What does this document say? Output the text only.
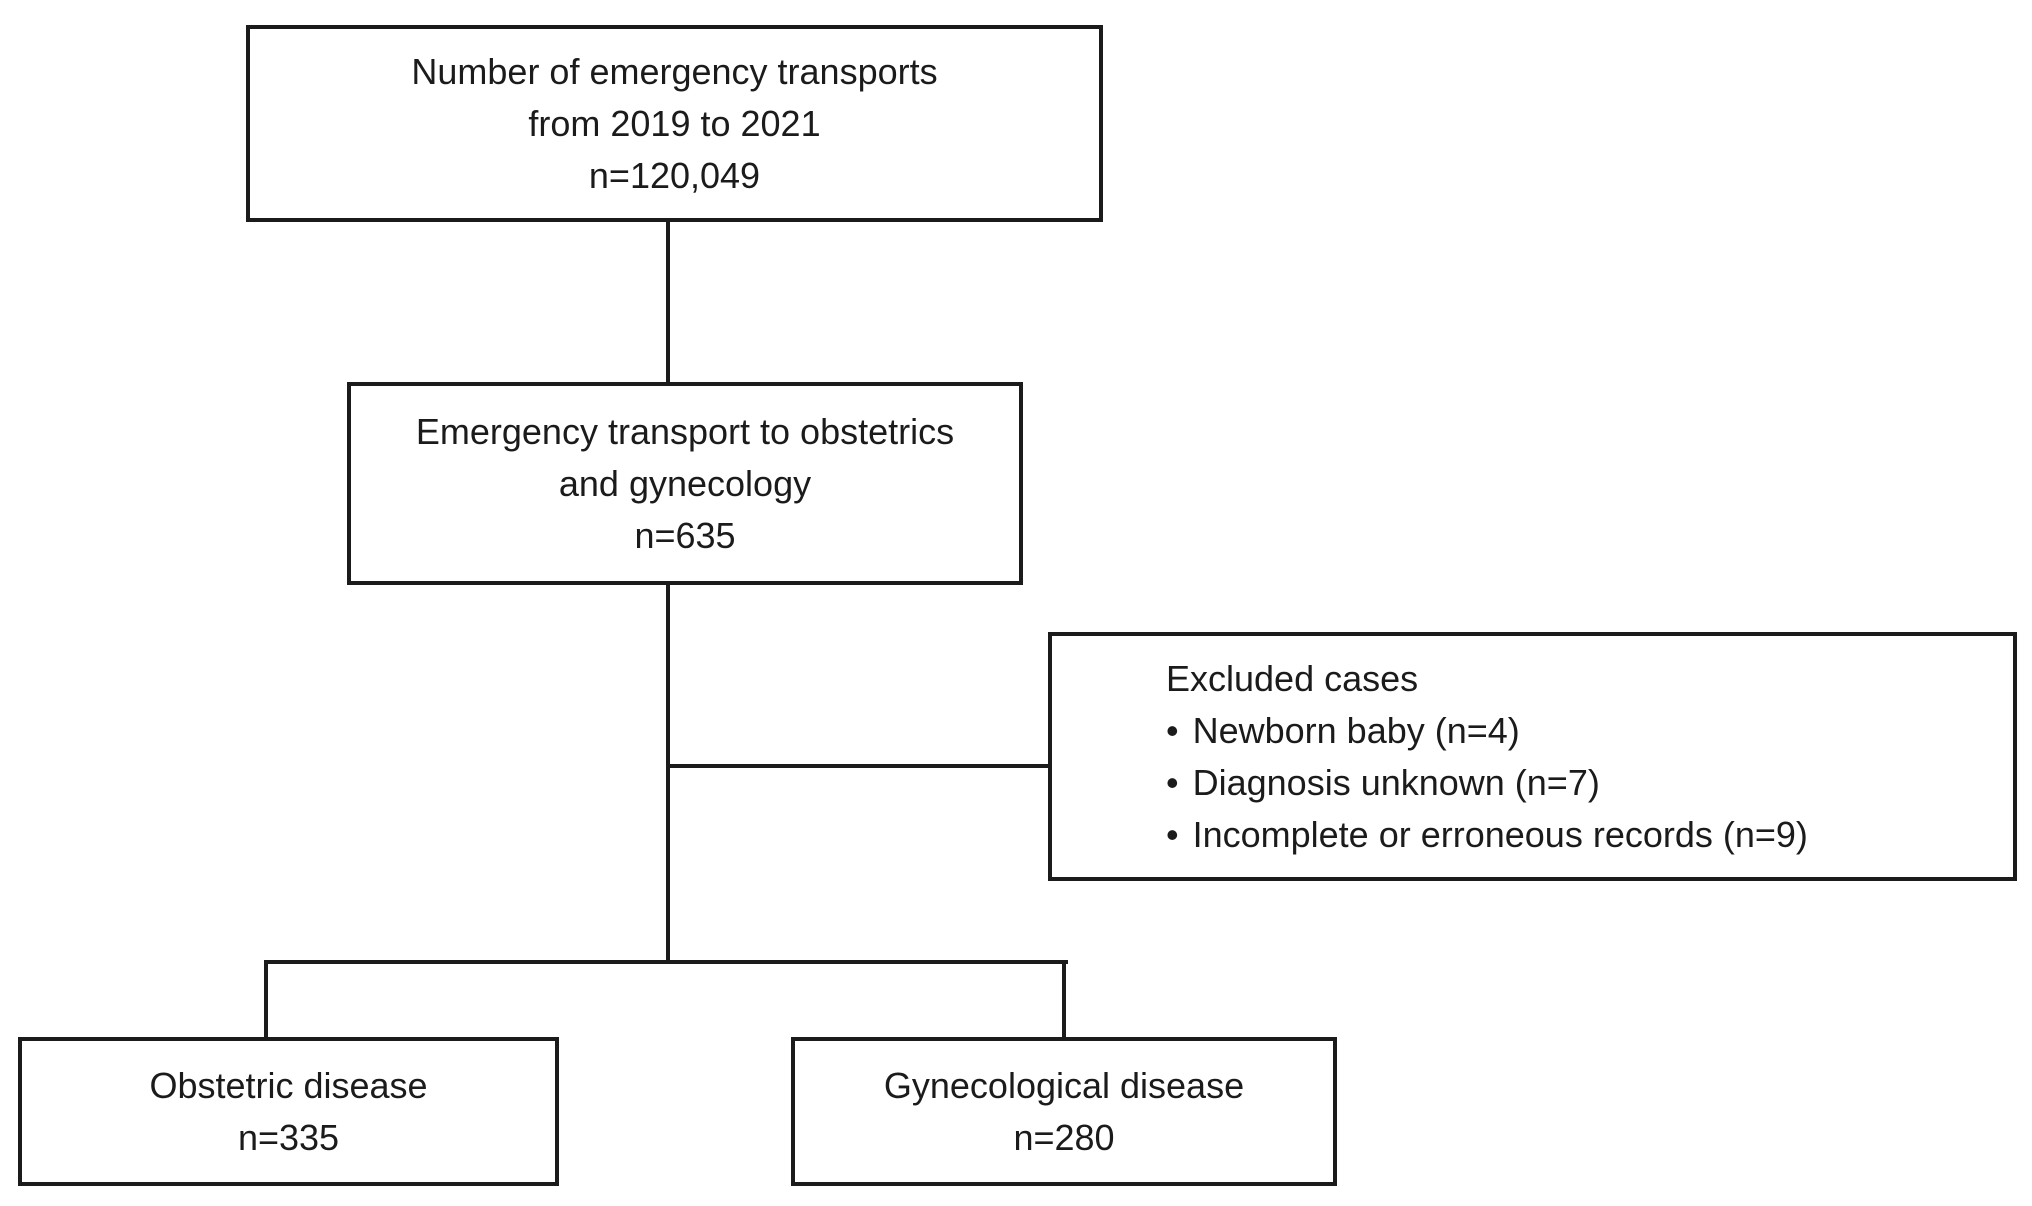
Number of emergency transports
from 2019 to 2021
n=120,049
Emergency transport to obstetrics
and gynecology
n=635
Excluded cases
• Newborn baby (n=4)
• Diagnosis unknown (n=7)
• Incomplete or erroneous records (n=9)
Obstetric disease
n=335
Gynecological disease
n=280
